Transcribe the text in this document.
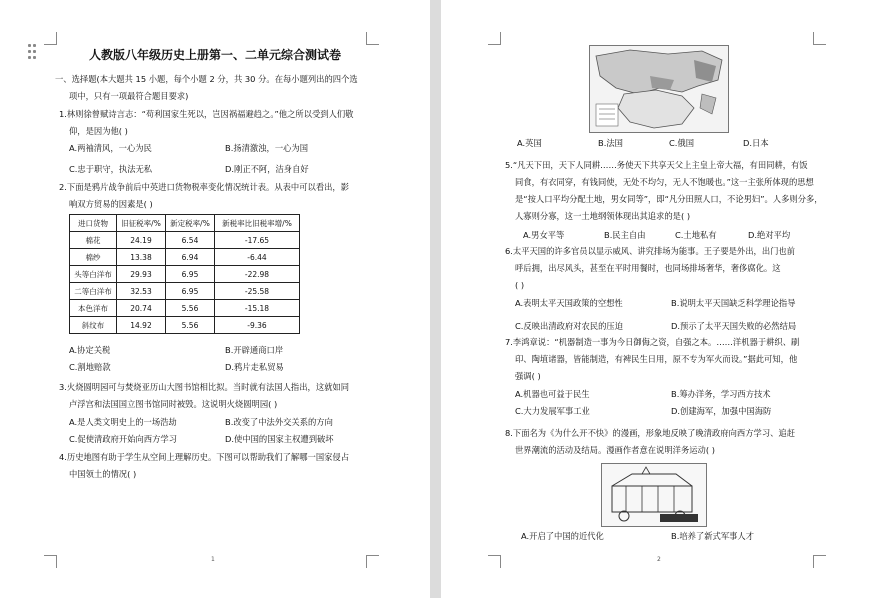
人教版八年级历史上册第一、二单元综合测试卷
一、选择题(本大题共 15 小题，每个小题 2 分，共 30 分。在每小题列出的四个选
项中，只有一项最符合题目要求)
1.林则徐曾赋诗言志：“苟利国家生死以，岂因祸福避趋之。”他之所以受到人们敬
仰，是因为他( )
A.两袖清风，一心为民	B.扬清激浊，一心为国
C.忠于职守，执法无私	D.刚正不阿，洁身自好
2.下面是鸦片战争前后中英进口货物税率变化情况统计表。从表中可以看出，影
响双方贸易的因素是( )
进口货物	旧征税率/%	新定税率/%	新税率比旧税率增/%
棉花	24.19	6.54	-17.65
棉纱	13.38	6.94	-6.44
头等白洋布	29.93	6.95	-22.98
二等白洋布	32.53	6.95	-25.58
本色洋布	20.74	5.56	-15.18
斜纹布	14.92	5.56	-9.36
A.协定关税	B.开辟通商口岸
C.割地赔款	D.鸦片走私贸易
3.火烧圆明园可与焚烧亚历山大图书馆相比拟。当时就有法国人指出，这就如同
卢浮宫和法国国立图书馆同时被毁。这说明火烧圆明园( )
A.是人类文明史上的一场浩劫	B.改变了中法外交关系的方向
C.促使清政府开始向西方学习	D.使中国的国家主权遭到破坏
4.历史地图有助于学生从空间上理解历史。下图可以帮助我们了解哪一国家侵占
中国领土的情况( )
1
A.英国	B.法国	C.俄国	D.日本
5.“凡天下田，天下人同耕……务使天下共享天父上主皇上帝大福，有田同耕，有饭
同食，有衣同穿，有钱同使，无处不均匀，无人不饱暖也。”这一主张所体现的思想
是“按人口平均分配土地，男女同等”，即“凡分田照人口，不论男妇”。人多则分多，
人寡则分寡，这一土地纲领体现出其追求的是( )
A.男女平等	B.民主自由	C.土地私有	D.绝对平均
6.太平天国的许多官员以显示威风、讲究排场为能事。王子要是外出，出门也前
呼后拥，出尽风头，甚至在平时用餐时，也同场排场奢华，奢侈腐化。这
( )
A.表明太平天国政策的空想性	B.说明太平天国缺乏科学理论指导
C.反映出清政府对农民的压迫	D.预示了太平天国失败的必然结局
7.李鸿章说：“机器制造一事为今日御侮之资，自强之本。……洋机器于耕织、刷
印、陶埴诸器，皆能制造，有裨民生日用，原不专为军火而设。”据此可知，他
强调( )
A.机器也可益于民生	B.筹办洋务，学习西方技术
C.大力发展军事工业	D.创建海军，加强中国海防
8.下面名为《为什么开不快》的漫画，形象地反映了晚清政府向西方学习、追赶
世界潮流的活动及结局。漫画作者意在说明洋务运动( )
A.开启了中国的近代化	B.培养了新式军事人才
2
